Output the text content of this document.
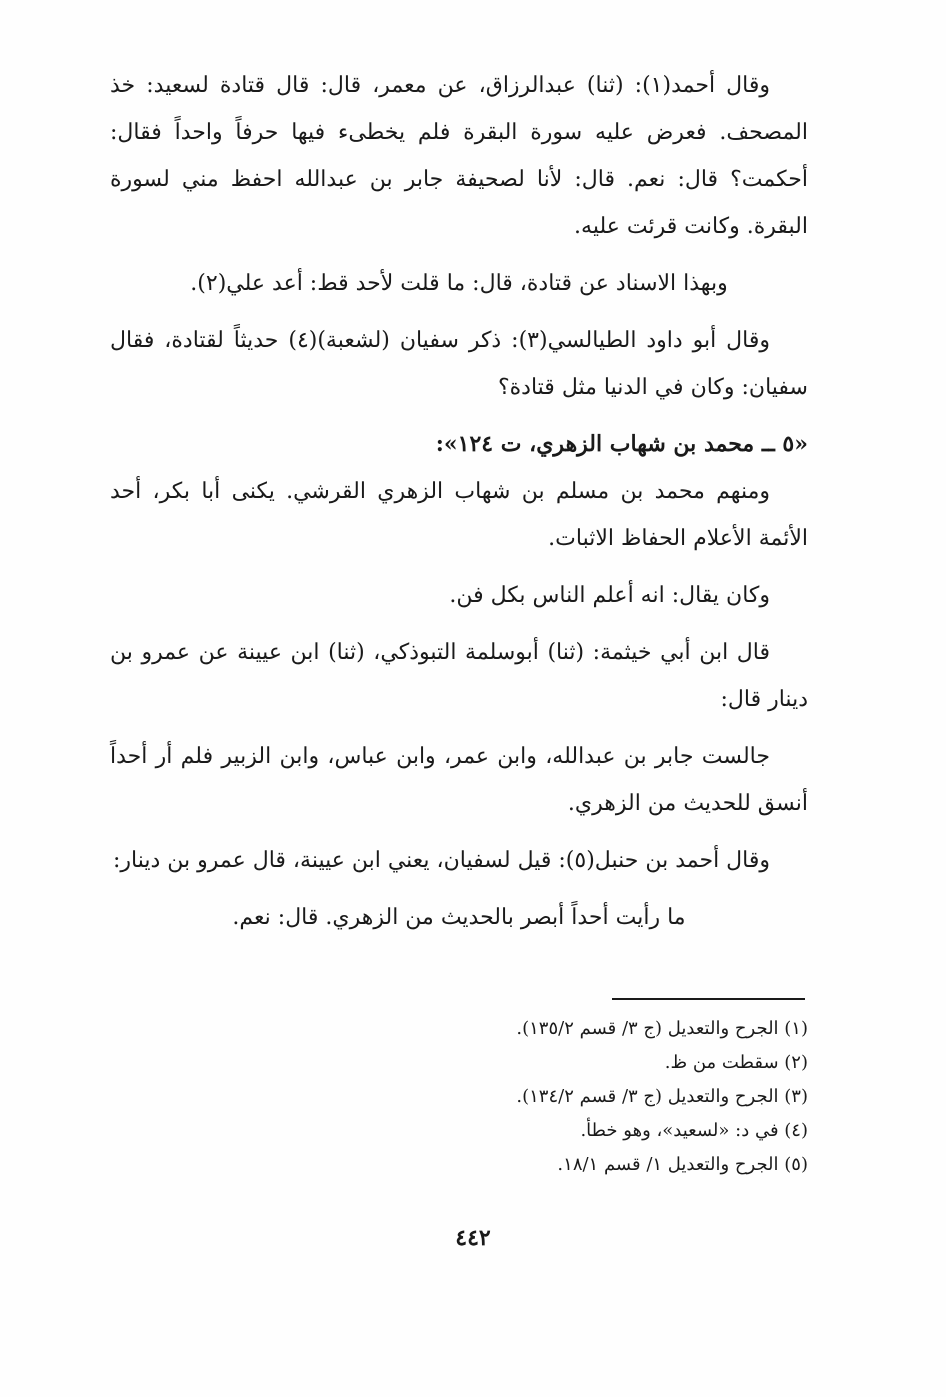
وقال أحمد(١): (ثنا) عبدالرزاق، عن معمر، قال: قال قتادة لسعيد: خذ المصحف. فعرض عليه سورة البقرة فلم يخطىء فيها حرفاً واحداً فقال: أحكمت؟ قال: نعم. قال: لأنا لصحيفة جابر بن عبدالله احفظ مني لسورة البقرة. وكانت قرئت عليه.

وبهذا الاسناد عن قتادة، قال: ما قلت لأحد قط: أعد علي(٢).

وقال أبو داود الطيالسي(٣): ذكر سفيان (لشعبة)(٤) حديثاً لقتادة، فقال سفيان: وكان في الدنيا مثل قتادة؟

«٥ ــ محمد بن شهاب الزهري، ت ١٢٤»:

ومنهم محمد بن مسلم بن شهاب الزهري القرشي. يكنى أبا بكر، أحد الأئمة الأعلام الحفاظ الاثبات.

وكان يقال: انه أعلم الناس بكل فن.

قال ابن أبي خيثمة: (ثنا) أبوسلمة التبوذكي، (ثنا) ابن عيينة عن عمرو بن دينار قال:

جالست جابر بن عبدالله، وابن عمر، وابن عباس، وابن الزبير فلم أر أحداً أنسق للحديث من الزهري.

وقال أحمد بن حنبل(٥): قيل لسفيان، يعني ابن عيينة، قال عمرو بن دينار:

ما رأيت أحداً أبصر بالحديث من الزهري. قال: نعم.

(١) الجرح والتعديل (ج ٣/ قسم ١٣٥/٢).
(٢) سقطت من ظ.
(٣) الجرح والتعديل (ج ٣/ قسم ١٣٤/٢).
(٤) في د: «لسعيد»، وهو خطأ.
(٥) الجرح والتعديل ١/ قسم ١٨/١.
٤٤٢
